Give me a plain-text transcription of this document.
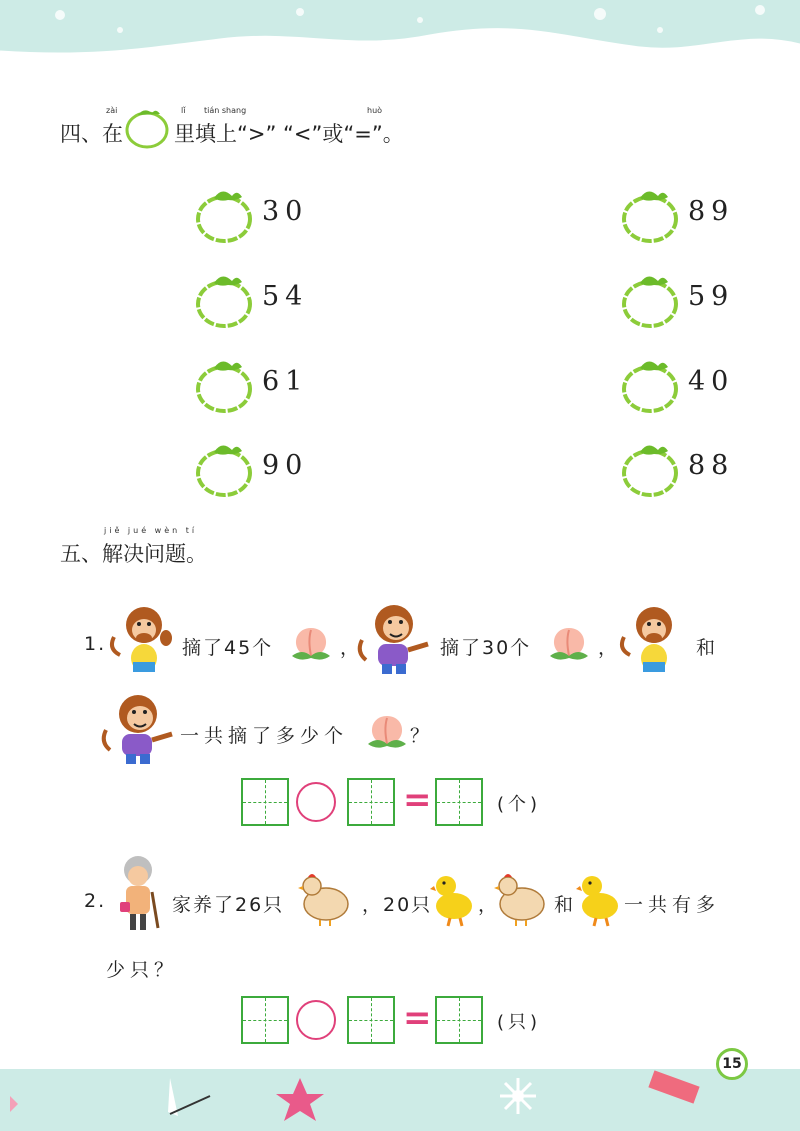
四、在
zài	lǐ tián shang	huò
里填上“>” “<”或“=”。
30
54
61
90
89
59
40
88
jiě jué wèn tí
五、解决问题。
1.	摘了45个	，	摘了30个	，	和
一共摘了多少个	？
=	(个)
2.	家养了26只	，20只 ，	和	一共有多
少只？
=	(只)
15
